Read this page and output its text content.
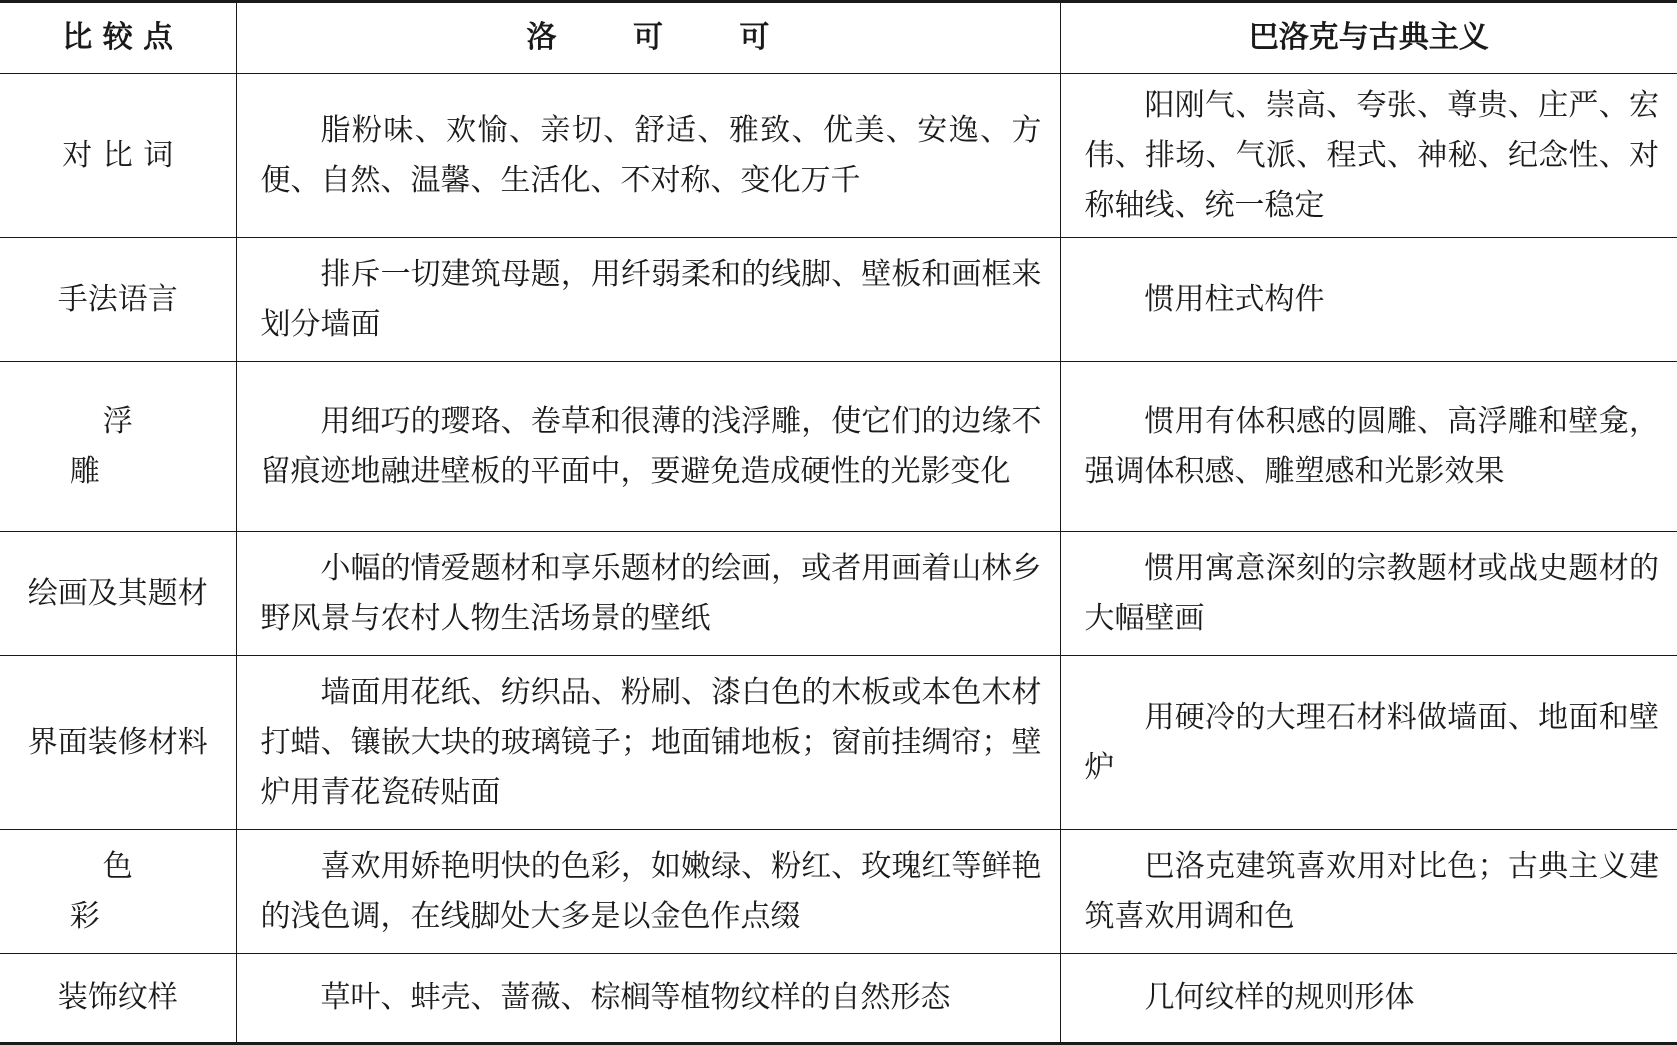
比 较 点	洛 可 可	巴洛克与古典主义
对比词	脂粉味、欢愉、亲切、舒适、雅致、优美、安逸、方便、自然、温馨、生活化、不对称、变化万千	阳刚气、崇高、夸张、尊贵、庄严、宏伟、排场、气派、程式、神秘、纪念性、对称轴线、统一稳定

手法语言	排斥一切建筑母题，用纤弱柔和的线脚、壁板和画框来划分墙面	惯用柱式构件

浮雕	用细巧的璎珞、卷草和很薄的浅浮雕，使它们的边缘不留痕迹地融进壁板的平面中，要避免造成硬性的光影变化	惯用有体积感的圆雕、高浮雕和壁龛，强调体积感、雕塑感和光影效果

绘画及其题材	小幅的情爱题材和享乐题材的绘画，或者用画着山林乡野风景与农村人物生活场景的壁纸	惯用寓意深刻的宗教题材或战史题材的大幅壁画

界面装修材料	墙面用花纸、纺织品、粉刷、漆白色的木板或本色木材打蜡、镶嵌大块的玻璃镜子；地面铺地板；窗前挂绸帘；壁炉用青花瓷砖贴面	用硬冷的大理石材料做墙面、地面和壁炉

色彩	喜欢用娇艳明快的色彩，如嫩绿、粉红、玫瑰红等鲜艳的浅色调，在线脚处大多是以金色作点缀	巴洛克建筑喜欢用对比色；古典主义建筑喜欢用调和色

装饰纹样	草叶、蚌壳、蔷薇、棕榈等植物纹样的自然形态	几何纹样的规则形体
